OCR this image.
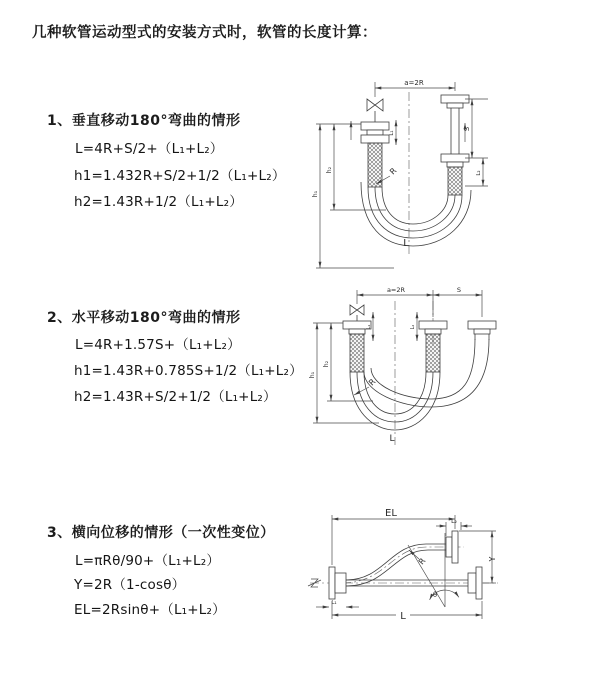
几种软管运动型式的安装方式时，软管的长度计算：
1、垂直移动180°弯曲的情形
L=4R+S/2+（L₁+L₂）
h1=1.432R+S/2+1/2（L₁+L₂）
h2=1.43R+1/2（L₁+L₂）
a=2R
h₁
h₂
L₁
S
L₂
R
L
2、水平移动180°弯曲的情形
L=4R+1.57S+（L₁+L₂）
h1=1.43R+0.785S+1/2（L₁+L₂）
h2=1.43R+S/2+1/2（L₁+L₂）
a=2R	S
h₁
h₂
L₁	L₂
R
L
3、横向位移的情形（一次性变位）
L=πRθ/90+（L₁+L₂）
Y=2R（1-cosθ）
EL=2Rsinθ+（L₁+L₂）
θ
EL
L₂
Y
R
L₁
L
